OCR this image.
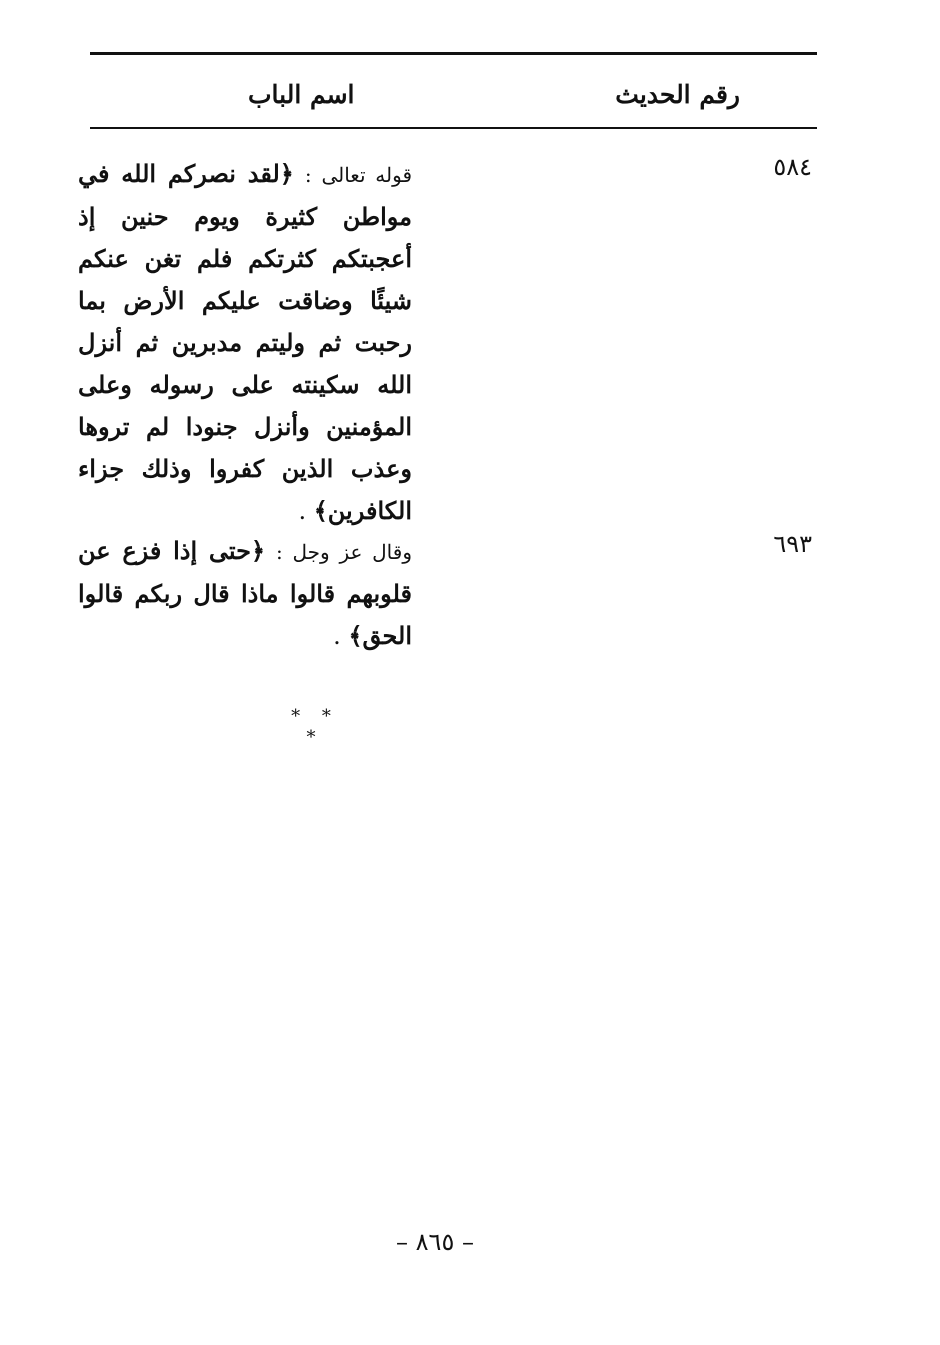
رقم الحديث
اسم الباب
٥٨٤
قوله تعالى : ﴿لقد نصركم الله في مواطن كثيرة ويوم حنين إذ أعجبتكم كثرتكم فلم تغن عنكم شيئًا وضاقت عليكم الأرض بما رحبت ثم وليتم مدبرين ثم أنزل الله سكينته على رسوله وعلى المؤمنين وأنزل جنودا لم تروها وعذب الذين كفروا وذلك جزاء الكافرين﴾ .
٦٩٣
وقال عز وجل : ﴿حتى إذا فزع عن قلوبهم قالوا ماذا قال ربكم قالوا الحق﴾ .
* * *
– ٨٦٥ –
